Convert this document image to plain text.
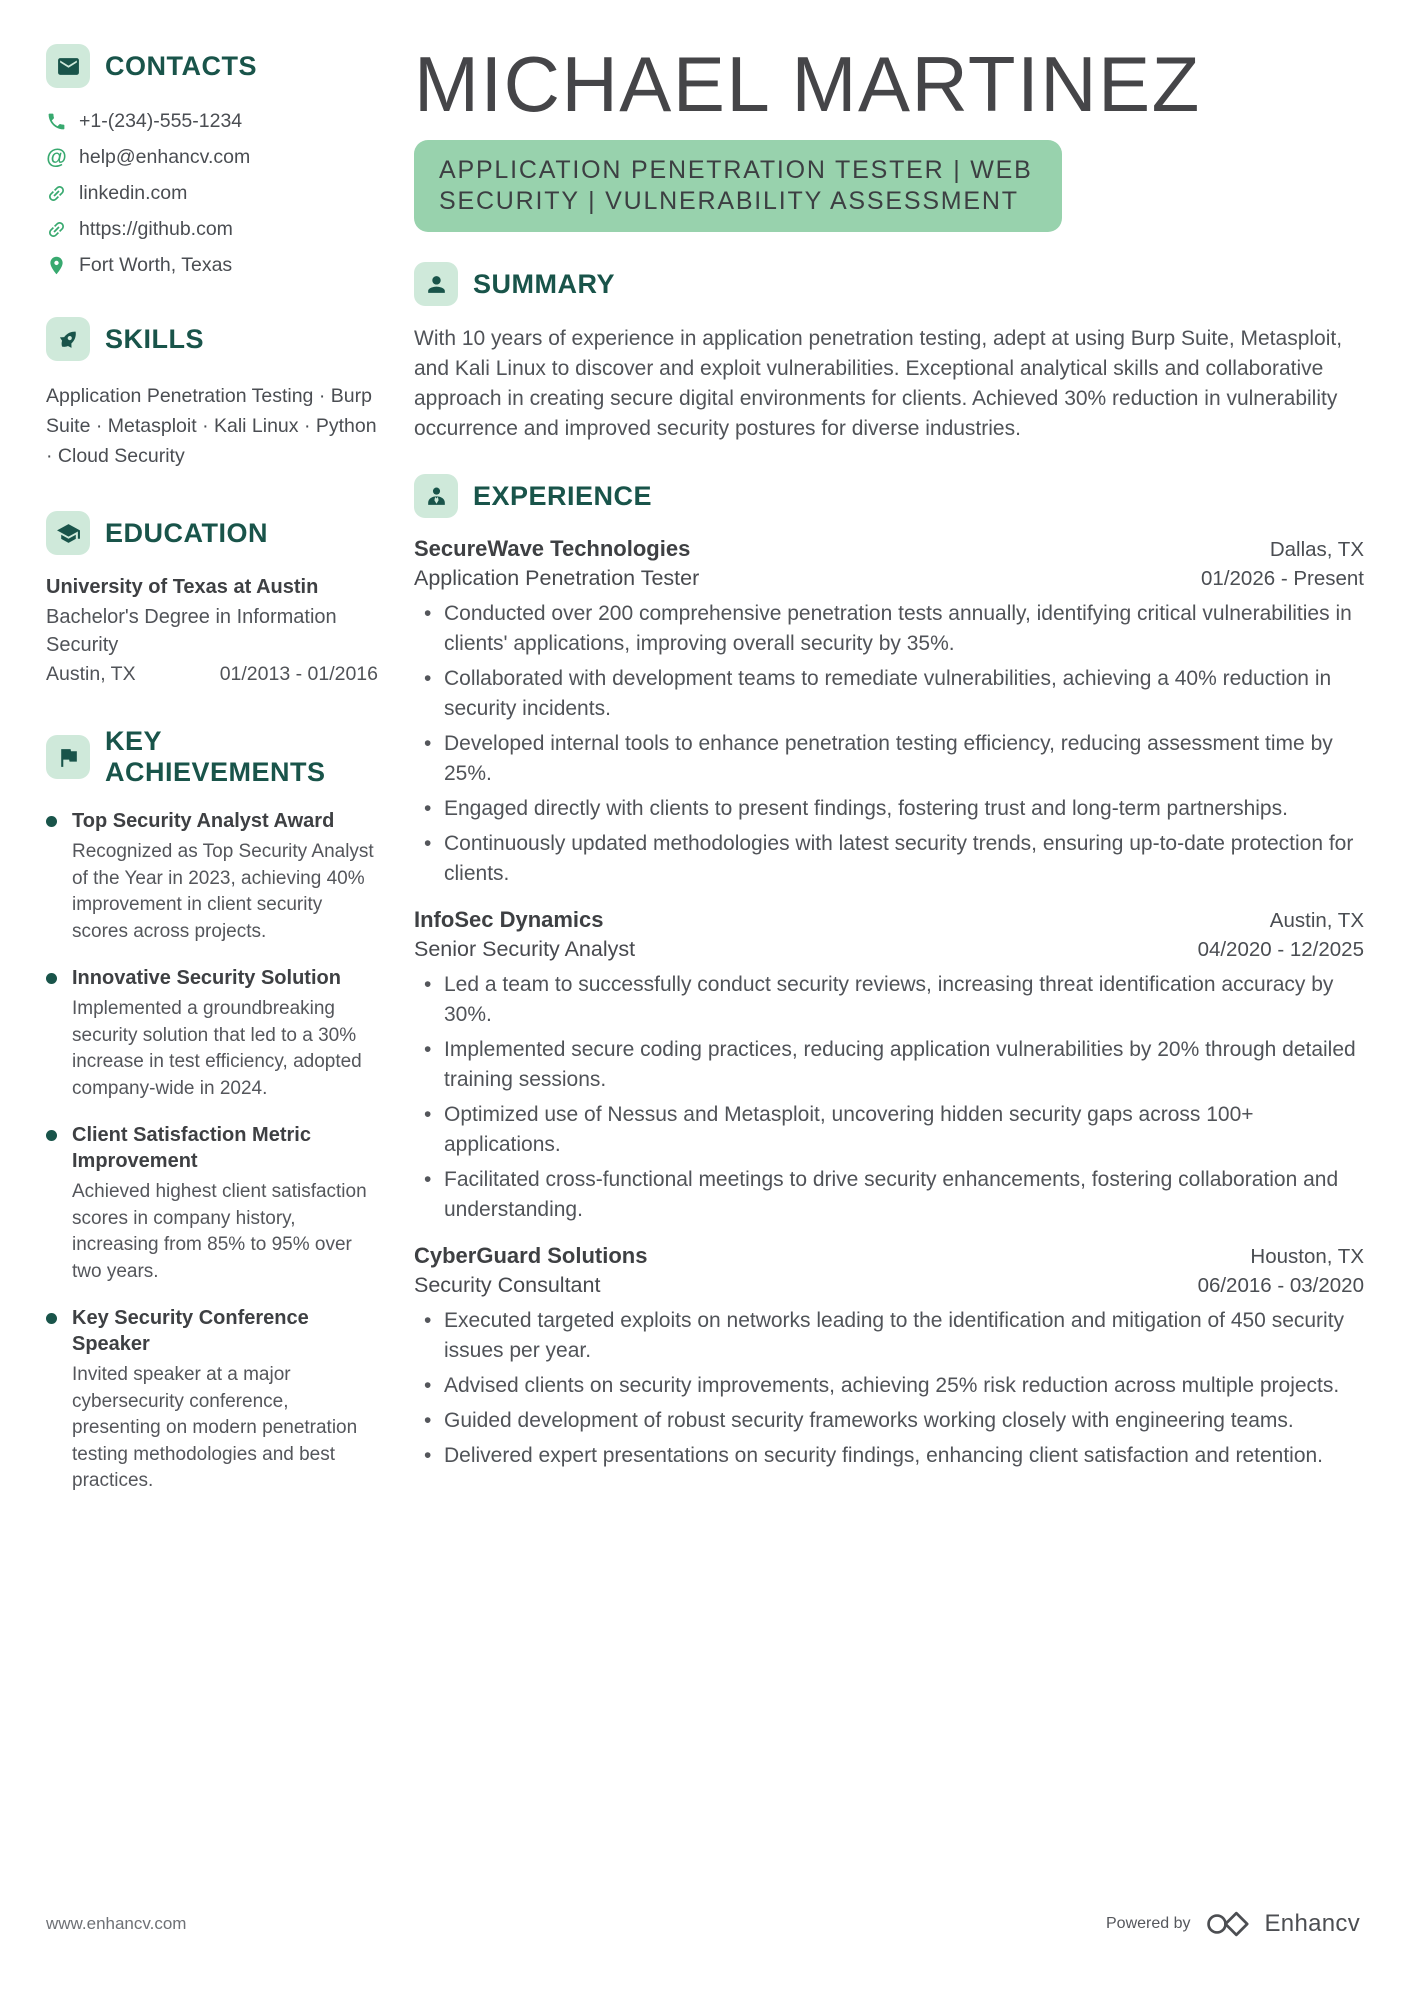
CONTACTS
+1-(234)-555-1234
@ help@enhancv.com
linkedin.com
https://github.com
Fort Worth, Texas
SKILLS

Application Penetration Testing · Burp Suite · Metasploit · Kali Linux · Python · Cloud Security

EDUCATION
University of Texas at Austin
Bachelor's Degree in Information Security
Austin, TX	01/2013 - 01/2016
KEY ACHIEVEMENTS
Top Security Analyst Award
Recognized as Top Security Analyst of the Year in 2023, achieving 40% improvement in client security scores across projects.
Innovative Security Solution
Implemented a groundbreaking security solution that led to a 30% increase in test efficiency, adopted company-wide in 2024.
Client Satisfaction Metric Improvement
Achieved highest client satisfaction scores in company history, increasing from 85% to 95% over two years.
Key Security Conference Speaker
Invited speaker at a major cybersecurity conference, presenting on modern penetration testing methodologies and best practices.
MICHAEL MARTINEZ
APPLICATION PENETRATION TESTER | WEB SECURITY | VULNERABILITY ASSESSMENT
SUMMARY

With 10 years of experience in application penetration testing, adept at using Burp Suite, Metasploit, and Kali Linux to discover and exploit vulnerabilities. Exceptional analytical skills and collaborative approach in creating secure digital environments for clients. Achieved 30% reduction in vulnerability occurrence and improved security postures for diverse industries.

EXPERIENCE
SecureWave Technologies	Dallas, TX
Application Penetration Tester	01/2026 - Present
• Conducted over 200 comprehensive penetration tests annually, identifying critical vulnerabilities in clients' applications, improving overall security by 35%.
• Collaborated with development teams to remediate vulnerabilities, achieving a 40% reduction in security incidents.
• Developed internal tools to enhance penetration testing efficiency, reducing assessment time by 25%.
• Engaged directly with clients to present findings, fostering trust and long-term partnerships.
• Continuously updated methodologies with latest security trends, ensuring up-to-date protection for clients.
InfoSec Dynamics	Austin, TX
Senior Security Analyst	04/2020 - 12/2025
• Led a team to successfully conduct security reviews, increasing threat identification accuracy by 30%.
• Implemented secure coding practices, reducing application vulnerabilities by 20% through detailed training sessions.
• Optimized use of Nessus and Metasploit, uncovering hidden security gaps across 100+ applications.
• Facilitated cross-functional meetings to drive security enhancements, fostering collaboration and understanding.
CyberGuard Solutions	Houston, TX
Security Consultant	06/2016 - 03/2020
• Executed targeted exploits on networks leading to the identification and mitigation of 450 security issues per year.
• Advised clients on security improvements, achieving 25% risk reduction across multiple projects.
• Guided development of robust security frameworks working closely with engineering teams.
• Delivered expert presentations on security findings, enhancing client satisfaction and retention.
www.enhancv.com	Powered by	Enhancv
